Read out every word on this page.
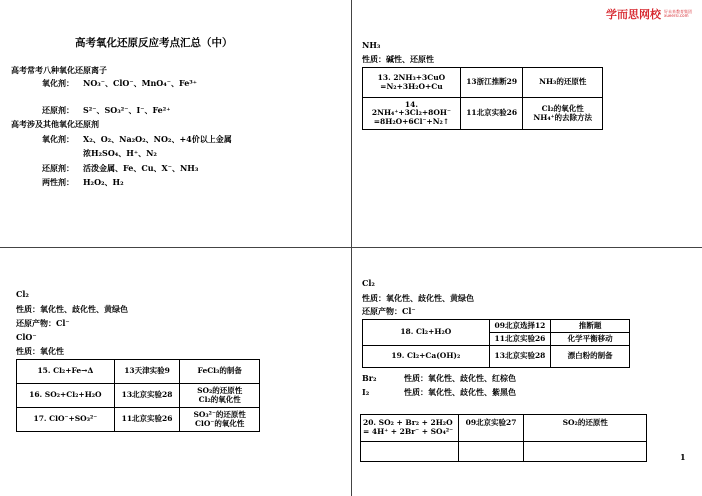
高考氧化还原反应考点汇总（中）
高考常考八种氧化还原离子
氧化剂： NO₃⁻、ClO⁻、MnO₄⁻、Fe³⁺
还原剂： S²⁻、SO₃²⁻、I⁻、Fe²⁺
高考涉及其他氧化还原剂
氧化剂： X₂、O₂、Na₂O₂、NO₂、+4价以上金属
浓H₂SO₄、H⁺、N₂
还原剂： 活泼金属、Fe、Cu、X⁻、NH₃
两性剂： H₂O₂、H₂
学而思网校 好未来教育集团
xueersi.com
NH₃
性质：碱性、还原性
13. 2NH₃+3CuO
=N₂+3H₂O+Cu	13浙江推断29	NH₃的还原性
14. 2NH₄⁺+3Cl₂+8OH⁻
=8H₂O+6Cl⁻+N₂↑	11北京实验26	Cl₂的氧化性
NH₄⁺的去除方法
Cl₂
性质：氧化性、歧化性、黄绿色
还原产物：Cl⁻
ClO⁻
性质：氧化性
15. Cl₂+Fe→Δ	13天津实验9	FeCl₃的制备
16. SO₂+Cl₂+H₂O	13北京实验28	SO₂的还原性
Cl₂的氧化性
17. ClO⁻+SO₃²⁻	11北京实验26	SO₃²⁻的还原性
ClO⁻的氧化性
Cl₂
性质：氧化性、歧化性、黄绿色
还原产物：Cl⁻
18. Cl₂+H₂O	09北京选择12	推断题
	11北京实验26	化学平衡移动
19. Cl₂+Ca(OH)₂	13北京实验28	漂白粉的制备
Br₂	性质：氧化性、歧化性、红棕色
I₂	性质：氧化性、歧化性、紫黑色
20. SO₂ + Br₂ + 2H₂O
= 4H⁺ + 2Br⁻ + SO₄²⁻	09北京实验27	SO₂的还原性

1
